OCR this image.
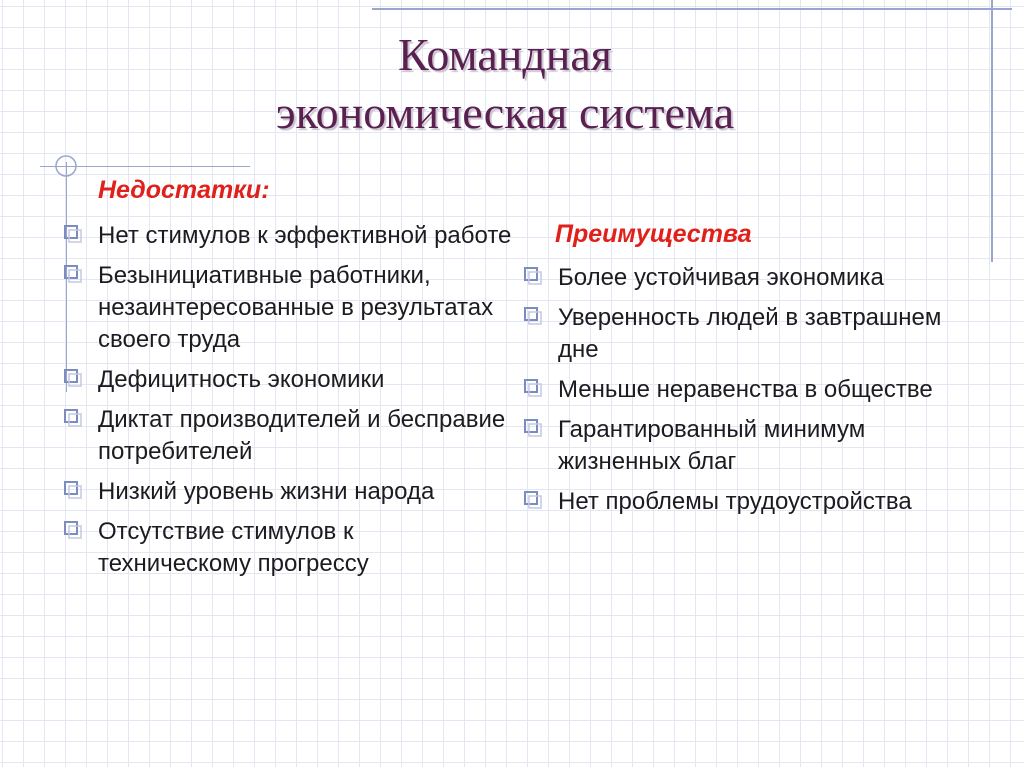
Командная
экономическая система
Недостатки:
Нет стимулов к эффективной работе
Безынициативные работники, незаинтересованные в результатах своего труда
Дефицитность экономики
Диктат производителей и бесправие потребителей
Низкий уровень жизни народа
Отсутствие стимулов к техническому прогрессу
Преимущества
Более устойчивая экономика
Уверенность людей в завтрашнем дне
Меньше неравенства в обществе
Гарантированный минимум жизненных благ
Нет проблемы трудоустройства
